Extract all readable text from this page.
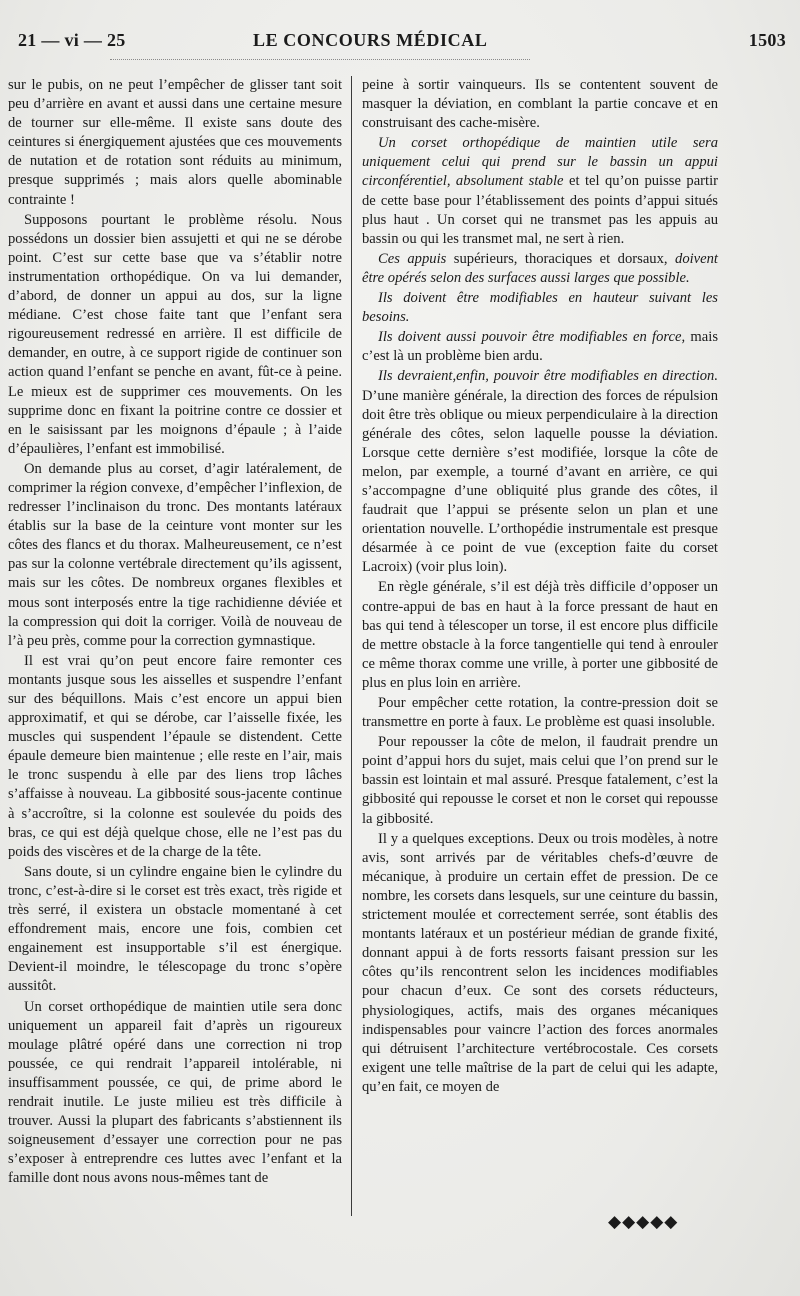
21 — vi — 25	LE CONCOURS MÉDICAL	1503

sur le pubis, on ne peut l’empêcher de glisser tant soit peu d’arrière en avant et aussi dans une certaine mesure de tourner sur elle-même. Il existe sans doute des ceintures si énergiquement ajustées que ces mouvements de nutation et de rotation sont réduits au minimum, presque supprimés ; mais alors quelle abominable contrainte !

Supposons pourtant le problème résolu. Nous possédons un dossier bien assujetti et qui ne se dérobe point. C’est sur cette base que va s’établir notre instrumentation orthopédique. On va lui demander, d’abord, de donner un appui au dos, sur la ligne médiane. C’est chose faite tant que l’enfant sera rigoureusement redressé en arrière. Il est difficile de demander, en outre, à ce support rigide de continuer son action quand l’enfant se penche en avant, fût-ce à peine. Le mieux est de supprimer ces mouvements. On les supprime donc en fixant la poitrine contre ce dossier et en le saisissant par les moignons d’épaule ; à l’aide d’épaulières, l’enfant est immobilisé.

On demande plus au corset, d’agir latéralement, de comprimer la région convexe, d’empêcher l’inflexion, de redresser l’inclinaison du tronc. Des montants latéraux établis sur la base de la ceinture vont monter sur les côtes des flancs et du thorax. Malheureusement, ce n’est pas sur la colonne vertébrale directement qu’ils agissent, mais sur les côtes. De nombreux organes flexibles et mous sont interposés entre la tige rachidienne déviée et la compression qui doit la corriger. Voilà de nouveau de l’à peu près, comme pour la correction gymnastique.

Il est vrai qu’on peut encore faire remonter ces montants jusque sous les aisselles et suspendre l’enfant sur des béquillons. Mais c’est encore un appui bien approximatif, et qui se dérobe, car l’aisselle fixée, les muscles qui suspendent l’épaule se distendent. Cette épaule demeure bien maintenue ; elle reste en l’air, mais le tronc suspendu à elle par des liens trop lâches s’affaisse à nouveau. La gibbosité sous-jacente continue à s’accroître, si la colonne est soulevée du poids des bras, ce qui est déjà quelque chose, elle ne l’est pas du poids des viscères et de la charge de la tête.

Sans doute, si un cylindre engaine bien le cylindre du tronc, c’est-à-dire si le corset est très exact, très rigide et très serré, il existera un obstacle momentané à cet effondrement mais, encore une fois, combien cet engainement est insupportable s’il est énergique. Devient-il moindre, le télescopage du tronc s’opère aussitôt.

Un corset orthopédique de maintien utile sera donc uniquement un appareil fait d’après un rigoureux moulage plâtré opéré dans une correction ni trop poussée, ce qui rendrait l’appareil intolérable, ni insuffisamment poussée, ce qui, de prime abord le rendrait inutile. Le juste milieu est très difficile à trouver. Aussi la plupart des fabricants s’abstiennent ils soigneusement d’essayer une correction pour ne pas s’exposer à entreprendre ces luttes avec l’enfant et la famille dont nous avons nous-mêmes tant de

peine à sortir vainqueurs. Ils se contentent souvent de masquer la déviation, en comblant la partie concave et en construisant des cache-misère.

Un corset orthopédique de maintien utile sera uniquement celui qui prend sur le bassin un appui circonférentiel, absolument stable et tel qu’on puisse partir de cette base pour l’établissement des points d’appui situés plus haut . Un corset qui ne transmet pas les appuis au bassin ou qui les transmet mal, ne sert à rien.

Ces appuis supérieurs, thoraciques et dorsaux, doivent être opérés selon des surfaces aussi larges que possible.

Ils doivent être modifiables en hauteur suivant les besoins.

Ils doivent aussi pouvoir être modifiables en force, mais c’est là un problème bien ardu.

Ils devraient,enfin, pouvoir être modifiables en direction. D’une manière générale, la direction des forces de répulsion doit être très oblique ou mieux perpendiculaire à la direction générale des côtes, selon laquelle pousse la déviation. Lorsque cette dernière s’est modifiée, lorsque la côte de melon, par exemple, a tourné d’avant en arrière, ce qui s’accompagne d’une obliquité plus grande des côtes, il faudrait que l’appui se présente selon un plan et une orientation nouvelle. L’orthopédie instrumentale est presque désarmée à ce point de vue (exception faite du corset Lacroix) (voir plus loin).

En règle générale, s’il est déjà très difficile d’opposer un contre-appui de bas en haut à la force pressant de haut en bas qui tend à télescoper un torse, il est encore plus difficile de mettre obstacle à la force tangentielle qui tend à enrouler ce même thorax comme une vrille, à porter une gibbosité de plus en plus loin en arrière.

Pour empêcher cette rotation, la contre-pression doit se transmettre en porte à faux. Le problème est quasi insoluble.

Pour repousser la côte de melon, il faudrait prendre un point d’appui hors du sujet, mais celui que l’on prend sur le bassin est lointain et mal assuré. Presque fatalement, c’est la gibbosité qui repousse le corset et non le corset qui repousse la gibbosité.

Il y a quelques exceptions. Deux ou trois modèles, à notre avis, sont arrivés par de véritables chefs-d’œuvre de mécanique, à produire un certain effet de pression. De ce nombre, les corsets dans lesquels, sur une ceinture du bassin, strictement moulée et correctement serrée, sont établis des montants latéraux et un postérieur médian de grande fixité, donnant appui à de forts ressorts faisant pression sur les côtes qu’ils rencontrent selon les incidences modifiables pour chacun d’eux. Ce sont des corsets réducteurs, physiologiques, actifs, mais des organes mécaniques indispensables pour vaincre l’action des forces anormales qui détruisent l’architecture vertébrocostale. Ces corsets exigent une telle maîtrise de la part de celui qui les adapte, qu’en fait, ce moyen de

◆◆◆◆◆
